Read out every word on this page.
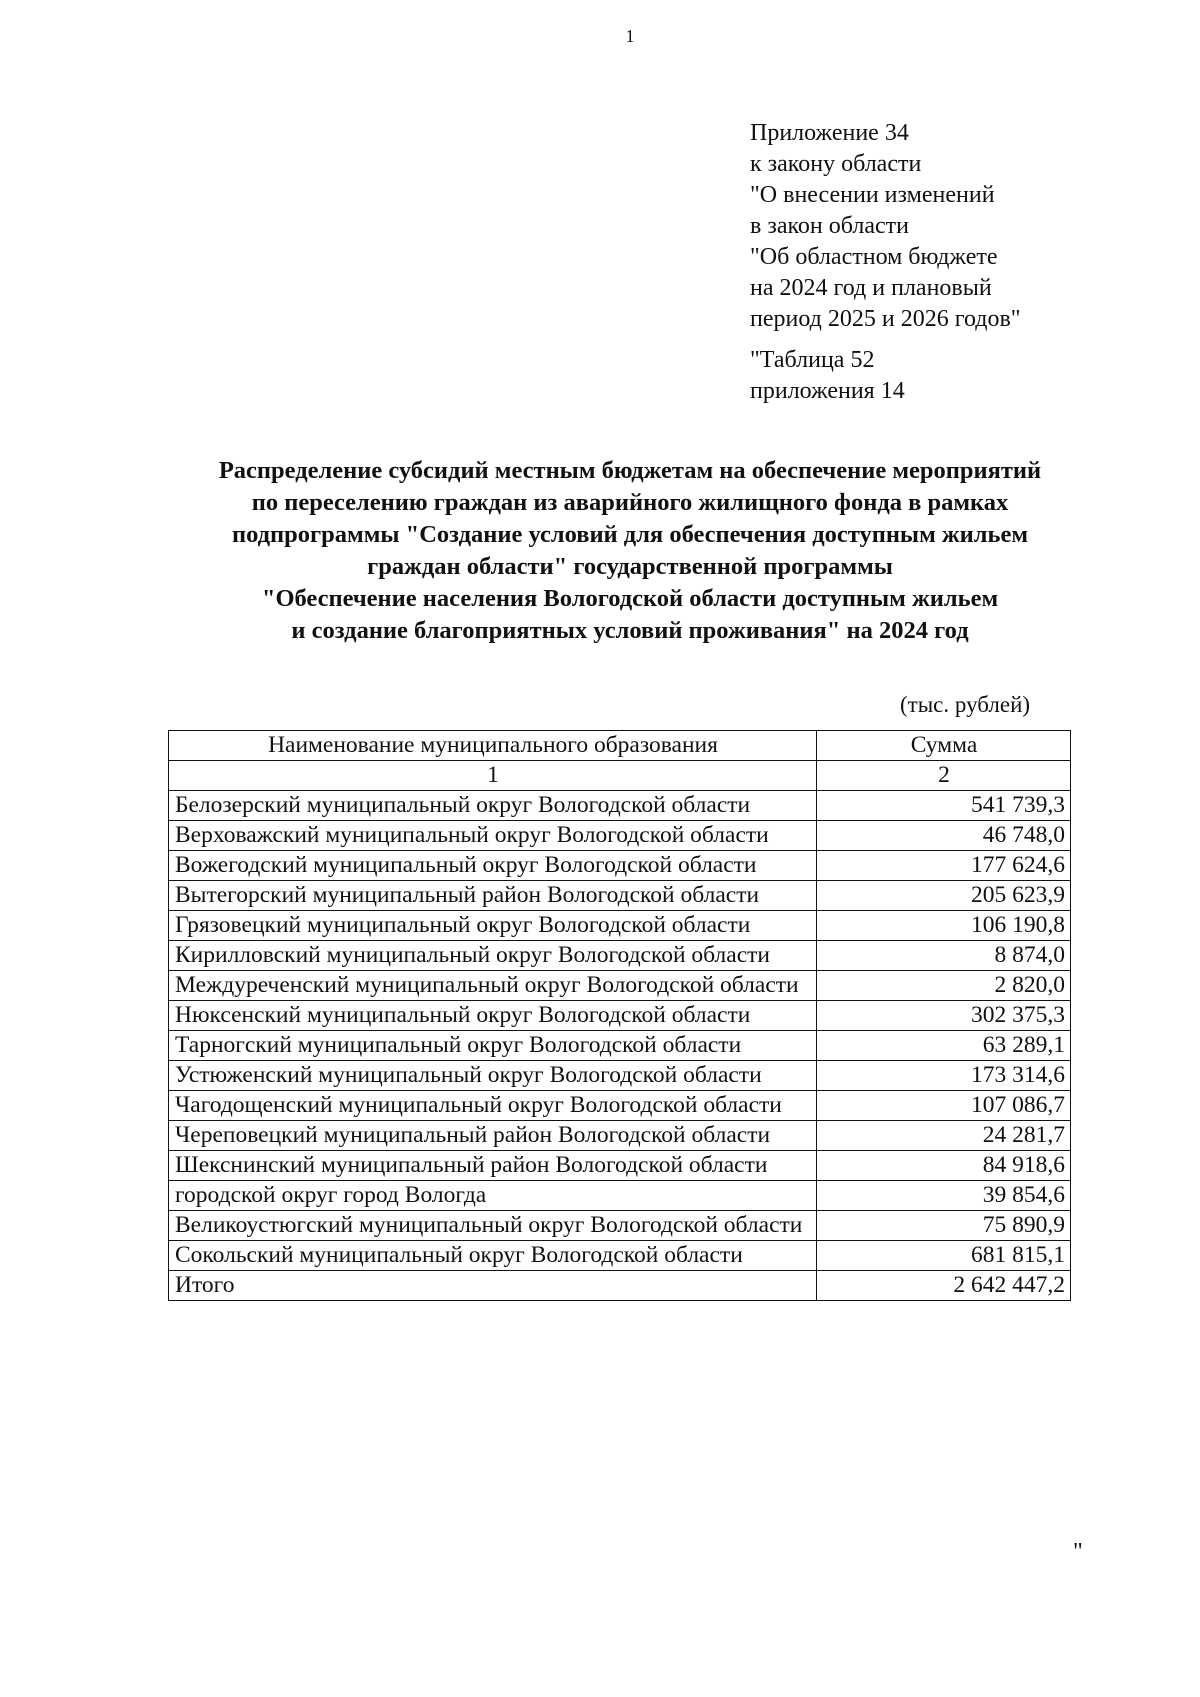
1
Приложение 34
к закону области
"О внесении изменений
в закон области
"Об областном бюджете
на 2024 год и плановый
период 2025 и 2026 годов"
"Таблица 52
приложения 14
Распределение субсидий местным бюджетам на обеспечение мероприятий
по переселению граждан из аварийного жилищного фонда в рамках
подпрограммы "Создание условий для обеспечения доступным жильем
граждан области" государственной программы
"Обеспечение населения Вологодской области доступным жильем
и создание благоприятных условий проживания" на 2024 год
(тыс. рублей)
Наименование муниципального образования	Сумма
1	2
Белозерский муниципальный округ Вологодской области	541 739,3
Верховажский муниципальный округ Вологодской области	46 748,0
Вожегодский муниципальный округ Вологодской области	177 624,6
Вытегорский муниципальный район Вологодской области	205 623,9
Грязовецкий муниципальный округ Вологодской области	106 190,8
Кирилловский муниципальный округ Вологодской области	8 874,0
Междуреченский муниципальный округ Вологодской области	2 820,0
Нюксенский муниципальный округ Вологодской области	302 375,3
Тарногский муниципальный округ Вологодской области	63 289,1
Устюженский муниципальный округ Вологодской области	173 314,6
Чагодощенский муниципальный округ Вологодской области	107 086,7
Череповецкий муниципальный район Вологодской области	24 281,7
Шекснинский муниципальный район Вологодской области	84 918,6
городской округ город Вологда	39 854,6
Великоустюгский муниципальный округ Вологодской области	75 890,9
Сокольский муниципальный округ Вологодской области	681 815,1
Итого	2 642 447,2
"
